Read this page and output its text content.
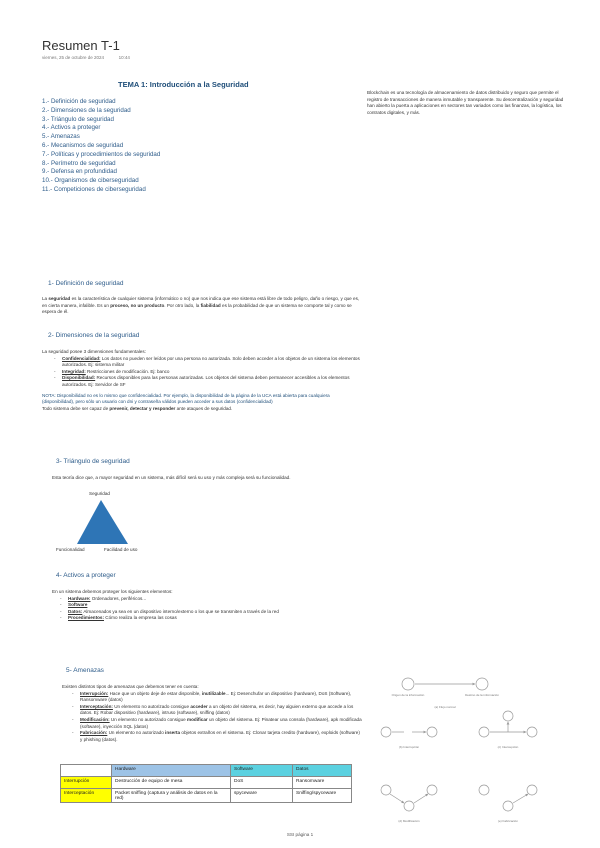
Resumen T-1
viernes, 25 de octubre de 2024	10:44
TEMA 1: Introducción a la Seguridad
Blockchain es una tecnología de almacenamiento de datos distribuido y seguro que permite el registro de transacciones de manera inmutable y transparente. Su descentralización y seguridad han abierto la puerta a aplicaciones en sectores tan variados como las finanzas, la logística, los contratos digitales, y más.
1.- Definición de seguridad
2.- Dimensiones de la seguridad
3.- Triángulo de seguridad
4.- Activos a proteger
5.- Amenazas
6.- Mecanismos de seguridad
7.- Políticas y procedimientos de seguridad
8.- Perímetro de seguridad
9.- Defensa en profundidad
10.- Organismos de ciberseguridad
11.- Competiciones de ciberseguridad
1- Definición de seguridad
La seguridad es la característica de cualquier sistema (informático o no) que nos indica que ese sistema está libre de todo peligro, daño o riesgo, y que es, en cierta manera, infalible. Es un proceso, no un producto. Por otro lado, la fiabilidad es la probabilidad de que un sistema se comporte tal y como se espera de él.
2- Dimensiones de la seguridad
La seguridad posee 3 dimensiones fundamentales:
- Confidencialidad: Los datos no pueden ser leídos por una persona no autorizada. Solo deben acceder a los objetos de un sistema los elementos autorizados. Ej: sistema militar
- Integridad: Restricciones de modificación. Ej: banco
- Disponibilidad: Recursos disponibles para las personas autorizadas. Los objetos del sistema deben permanecer accesibles a los elementos autorizados. Ej: Servidor de SF
NOTA: Disponibilidad no es lo mismo que confidencialidad. Por ejemplo, la disponibilidad de la página de la UCA está abierta para cualquiera (disponibilidad), pero sólo un usuario con dni y contraseña válidos pueden acceder a sus datos (confidencialidad)
Todo sistema debe ser capaz de prevenir, detectar y responder ante ataques de seguridad.
3- Triángulo de seguridad
Esta teoría dice que, a mayor seguridad en un sistema, más difícil será su uso y más compleja será su funcionalidad.
Seguridad
Funcionalidad	Facilidad de uso
4- Activos a proteger
En un sistema debemos proteger los siguientes elementos:
- Hardware: Ordenadores, periféricos...
- Software
- Datos: Almacenados ya sea en un dispositivo interno/externo o los que se transmiten a través de la red
- Procedimientos: Cómo realiza la empresa las cosas
5- Amenazas
Existen distintos tipos de amenazas que debemos tener en cuenta:
- Interrupción: Hace que un objeto deje de estar disponible, inutilizable... Ej: Desenchufar un dispositivo (hardware), DoS (Software), Ransomware (datos)
- Interceptación: Un elemento no autorizado consigue acceder a un objeto del sistema, es decir, hay alguien externo que accede a los datos. Ej: Robar dispositivo (hardware), intruso (software), sniffing (datos)
- Modificación: Un elemento no autorizado consigue modificar un objeto del sistema. Ej: Pinatear una consola (hardware), apk modificada (software), inyección SQL (datos)
- Fabricación: Un elemento no autorizado inserta objetos extraños en el sistema. Ej: Clonar tarjeta credito (hardware), exploids (software) y phishing (datos).
	Hardware	Software	Datos
Interrupción	Destrucción de equipo de mesa	DoS	Ransomware
Interceptación	Packet sniffing (captura y análisis de datos en la red)	spyceware	Sniffing/spyceware
Origen de la información	Destino de la información
(a) Flujo normal
(b) Interrupción	(c) Intercepción
(d) Modificación	(e) Fabricación
SSI página 1
